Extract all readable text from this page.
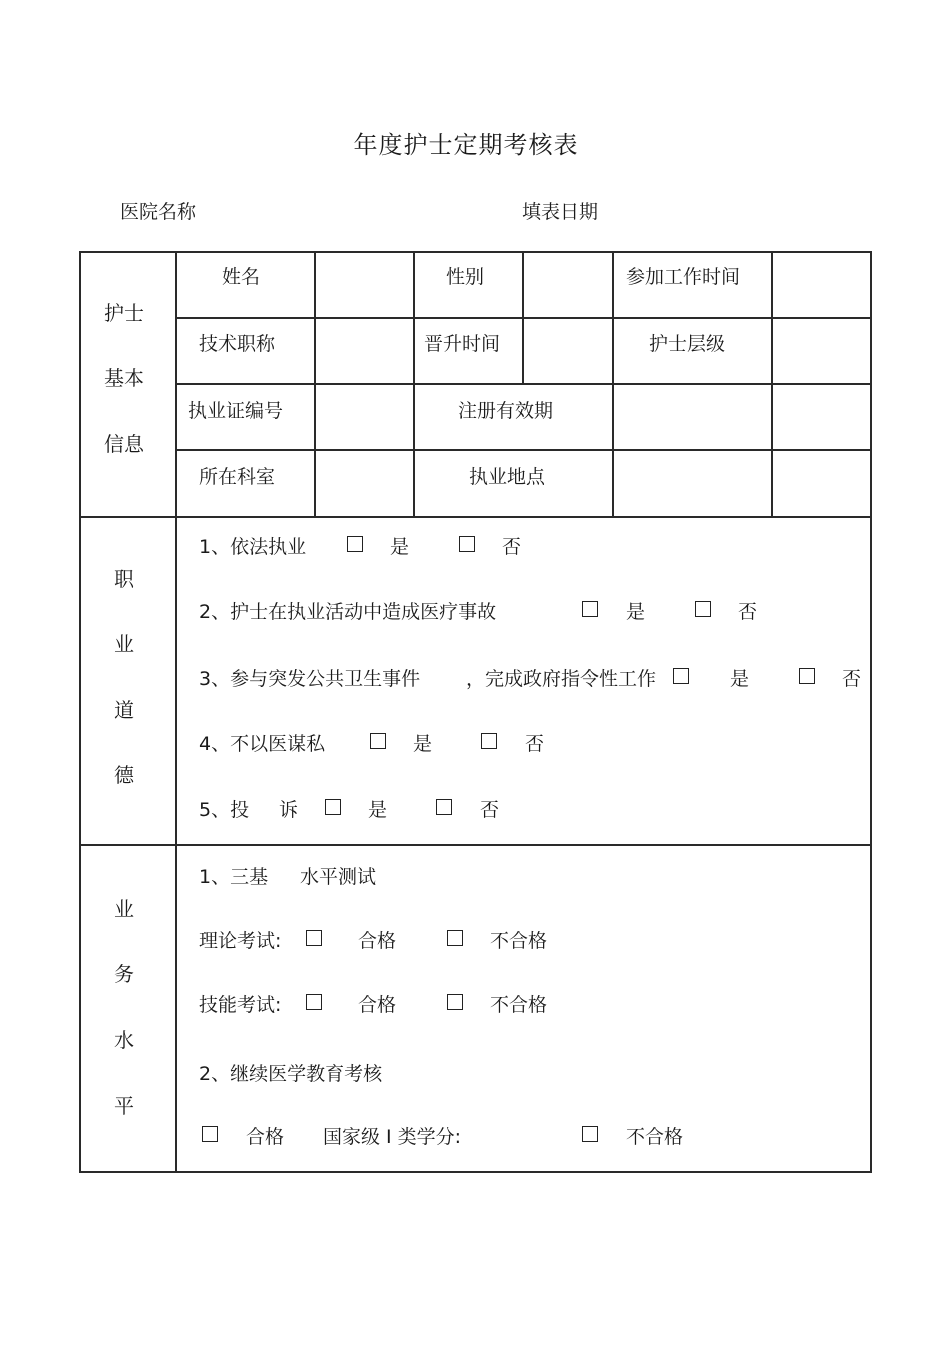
年度护士定期考核表
医院名称	填表日期
护士
基本
信息
姓名	性别	参加工作时间
技术职称	晋升时间	护士层级
执业证编号	注册有效期
所在科室	执业地点
职
业
道
德
1、依法执业	是	否
2、护士在执业活动中造成医疗事故	是	否
3、参与突发公共卫生事件 ，完成政府指令性工作	是	否
4、不以医谋私	是	否
5、投 诉	是	否
业
务
水
平
1、三基 水平测试
理论考试:	合格	不合格
技能考试:	合格	不合格
2、继续医学教育考核
合格 国家级 I 类学分:	不合格
